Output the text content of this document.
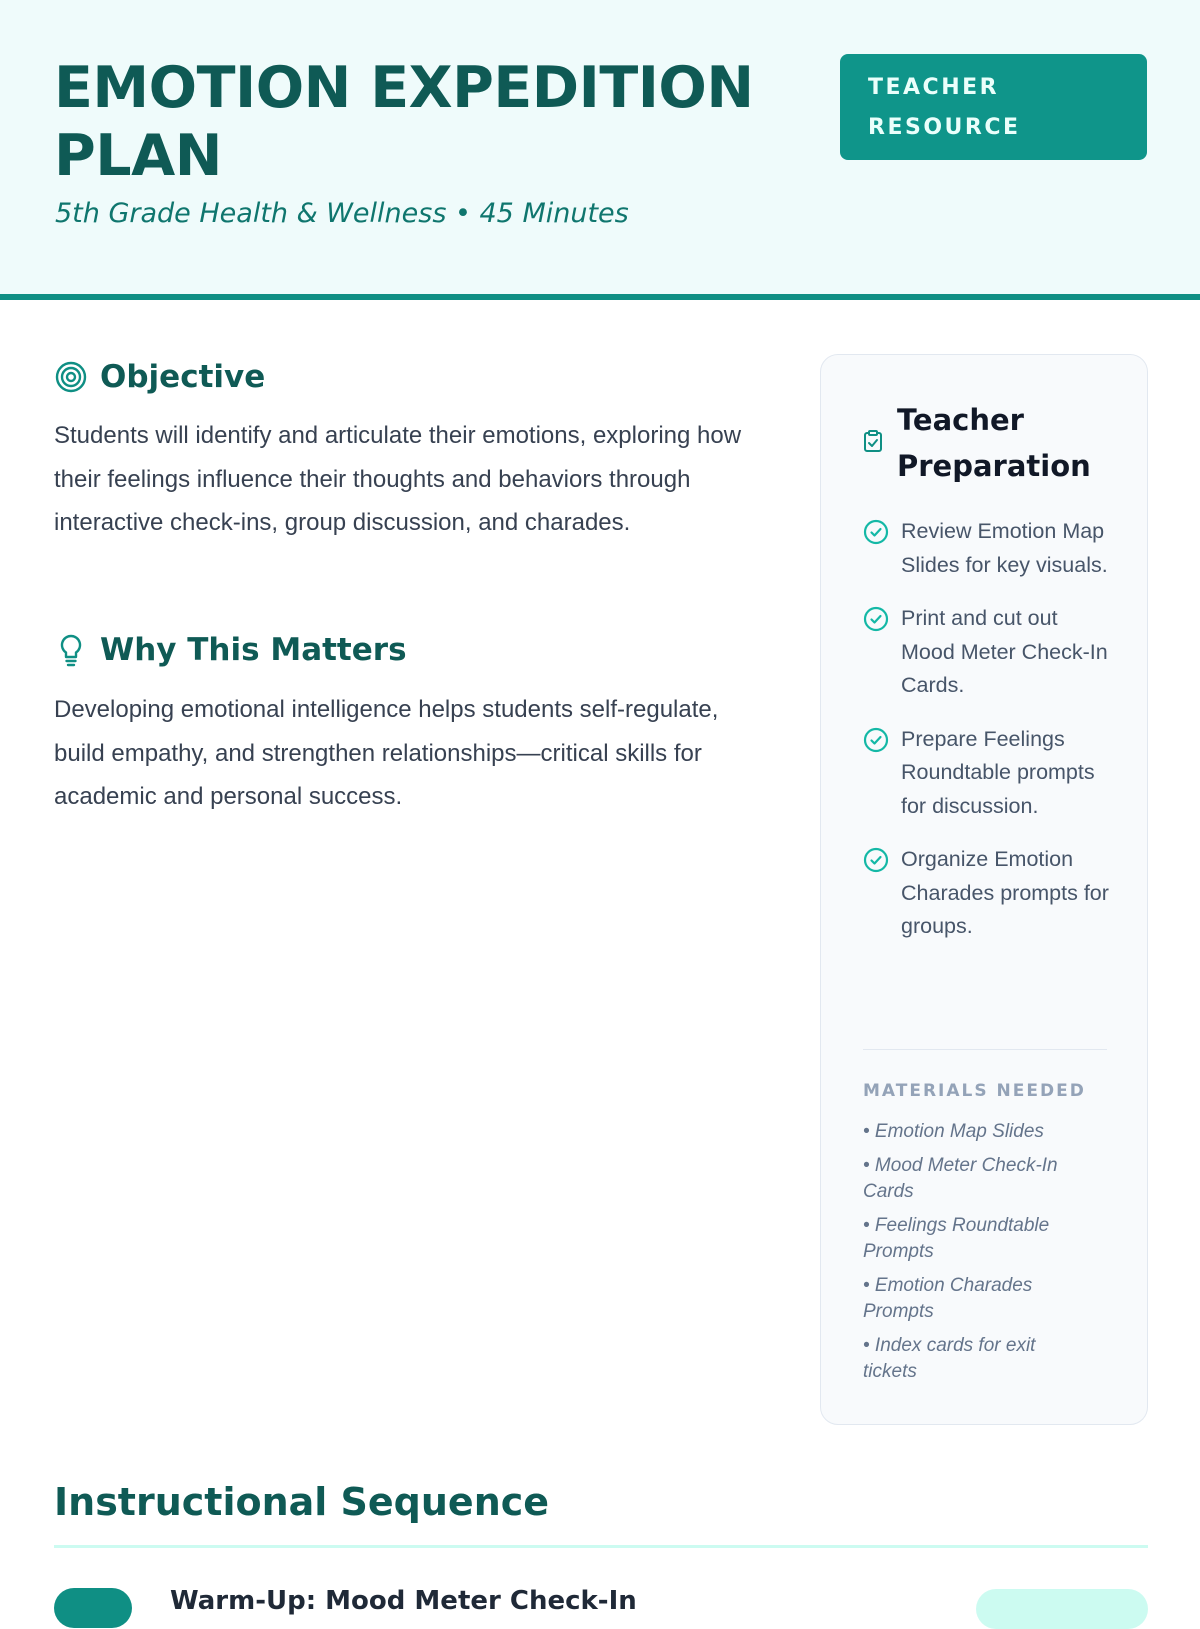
EMOTION EXPEDITION PLAN
5th Grade Health & Wellness • 45 Minutes
TEACHER
RESOURCE
Objective

Students will identify and articulate their emotions, exploring how their feelings influence their thoughts and behaviors through interactive check-ins, group discussion, and charades.

Why This Matters

Developing emotional intelligence helps students self-regulate, build empathy, and strengthen relationships—critical skills for academic and personal success.

Teacher Preparation
Review Emotion Map Slides for key visuals.
Print and cut out Mood Meter Check-In Cards.
Prepare Feelings Roundtable prompts for discussion.
Organize Emotion Charades prompts for groups.
MATERIALS NEEDED
• Emotion Map Slides
• Mood Meter Check-In Cards
• Feelings Roundtable Prompts
• Emotion Charades Prompts
• Index cards for exit tickets
Instructional Sequence
Warm-Up: Mood Meter Check-In
